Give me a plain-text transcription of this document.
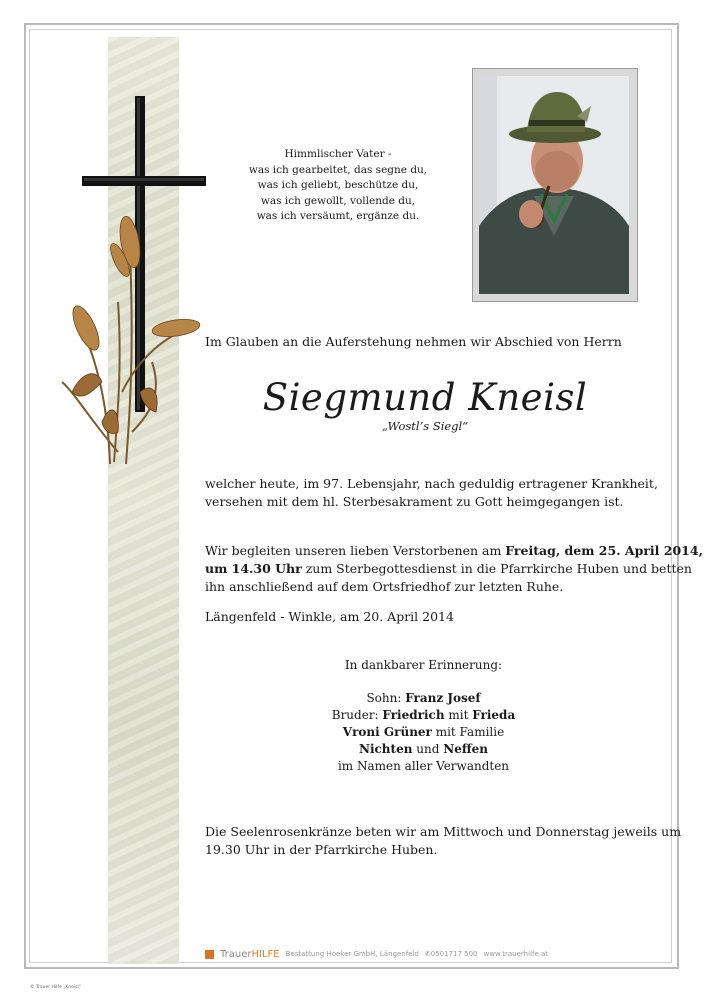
Himmlischer Vater -
was ich gearbeitet, das segne du,
was ich geliebt, beschütze du,
was ich gewollt, vollende du,
was ich versäumt, ergänze du.
Im Glauben an die Auferstehung nehmen wir Abschied von Herrn
Siegmund Kneisl
„Wostl’s Siegl“
welcher heute, im 97. Lebensjahr, nach geduldig ertragener Krankheit,
versehen mit dem hl. Sterbesakrament zu Gott heimgegangen ist.
Wir begleiten unseren lieben Verstorbenen am Freitag, dem 25. April 2014,
um 14.30 Uhr zum Sterbegottesdienst in die Pfarrkirche Huben und betten
ihn anschließend auf dem Ortsfriedhof zur letzten Ruhe.
Längenfeld - Winkle, am 20. April 2014
In dankbarer Erinnerung:
Sohn: Franz Josef
Bruder: Friedrich mit Frieda
Vroni Grüner mit Familie
Nichten und Neffen
im Namen aller Verwandten
Die Seelenrosenkränze beten wir am Mittwoch und Donnerstag jeweils um
19.30 Uhr in der Pfarrkirche Huben.
TrauerHILFE Bestattung Hoeker GmbH, Längenfeld ✆0501717 500 www.trauerhilfe.at
© Trauer Hilfe „Kneisl“
